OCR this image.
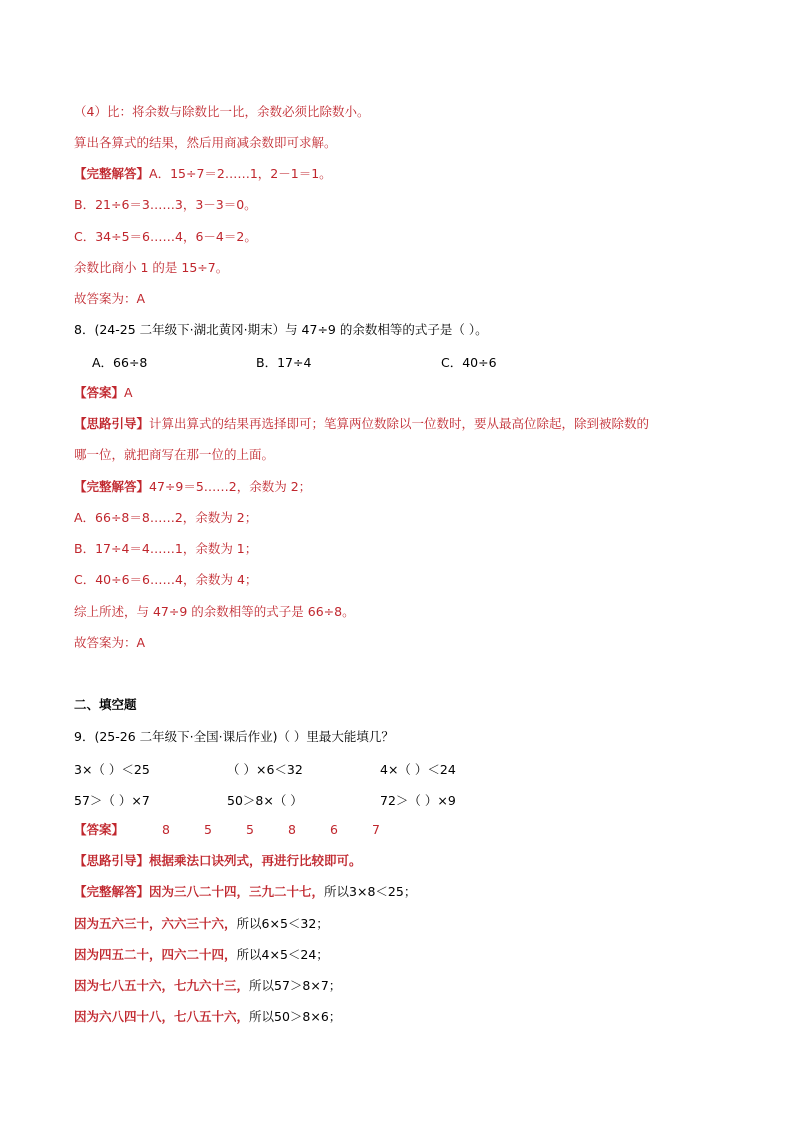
（4）比：将余数与除数比一比，余数必须比除数小。
算出各算式的结果，然后用商减余数即可求解。
【完整解答】A．15÷7＝2……1，2－1＝1。
B．21÷6＝3……3，3－3＝0。
C．34÷5＝6……4，6－4＝2。
余数比商小 1 的是 15÷7。
故答案为：A
8．(24-25 二年级下·湖北黄冈·期末）与 47÷9 的余数相等的式子是（ ）。
A．66÷8	B．17÷4	C．40÷6
【答案】A
【思路引导】计算出算式的结果再选择即可；笔算两位数除以一位数时，要从最高位除起，除到被除数的
哪一位，就把商写在那一位的上面。
【完整解答】47÷9＝5……2，余数为 2；
A．66÷8＝8……2，余数为 2；
B．17÷4＝4……1，余数为 1；
C．40÷6＝6……4，余数为 4；
综上所述，与 47÷9 的余数相等的式子是 66÷8。
故答案为：A
二、填空题
9．(25-26 二年级下·全国·课后作业)（ ）里最大能填几？
3×（ ）＜25	（ ）×6＜32	4×（ ）＜24
57＞（ ）×7	50＞8×（ ）	72＞（ ）×9
【答案】	8	5	5	8	6	7
【思路引导】根据乘法口诀列式，再进行比较即可。
【完整解答】因为三八二十四，三九二十七，所以3×8＜25；
因为五六三十，六六三十六，所以6×5＜32；
因为四五二十，四六二十四，所以4×5＜24；
因为七八五十六，七九六十三，所以57＞8×7；
因为六八四十八，七八五十六，所以50＞8×6；
